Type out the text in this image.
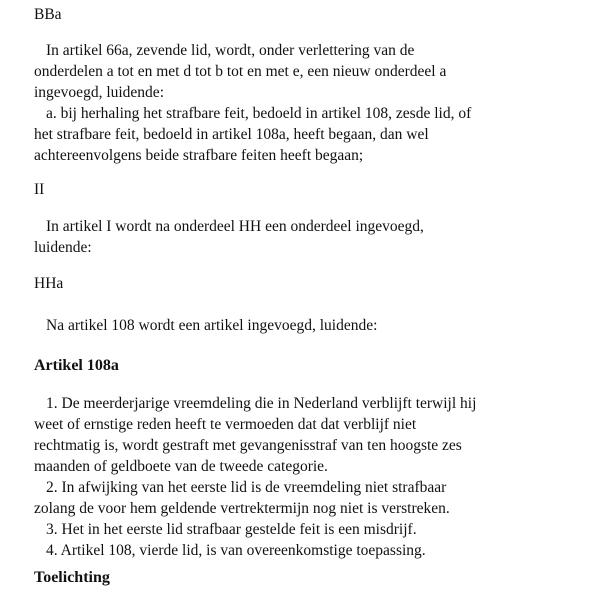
BBa
In artikel 66a, zevende lid, wordt, onder verlettering van de
onderdelen a tot en met d tot b tot en met e, een nieuw onderdeel a
ingevoegd, luidende:
a. bij herhaling het strafbare feit, bedoeld in artikel 108, zesde lid, of
het strafbare feit, bedoeld in artikel 108a, heeft begaan, dan wel
achtereenvolgens beide strafbare feiten heeft begaan;
II
In artikel I wordt na onderdeel HH een onderdeel ingevoegd,
luidende:
HHa
Na artikel 108 wordt een artikel ingevoegd, luidende:
Artikel 108a
1. De meerderjarige vreemdeling die in Nederland verblijft terwijl hij
weet of ernstige reden heeft te vermoeden dat dat verblijf niet
rechtmatig is, wordt gestraft met gevangenisstraf van ten hoogste zes
maanden of geldboete van de tweede categorie.
2. In afwijking van het eerste lid is de vreemdeling niet strafbaar
zolang de voor hem geldende vertrektermijn nog niet is verstreken.
3. Het in het eerste lid strafbaar gestelde feit is een misdrijf.
4. Artikel 108, vierde lid, is van overeenkomstige toepassing.
Toelichting
